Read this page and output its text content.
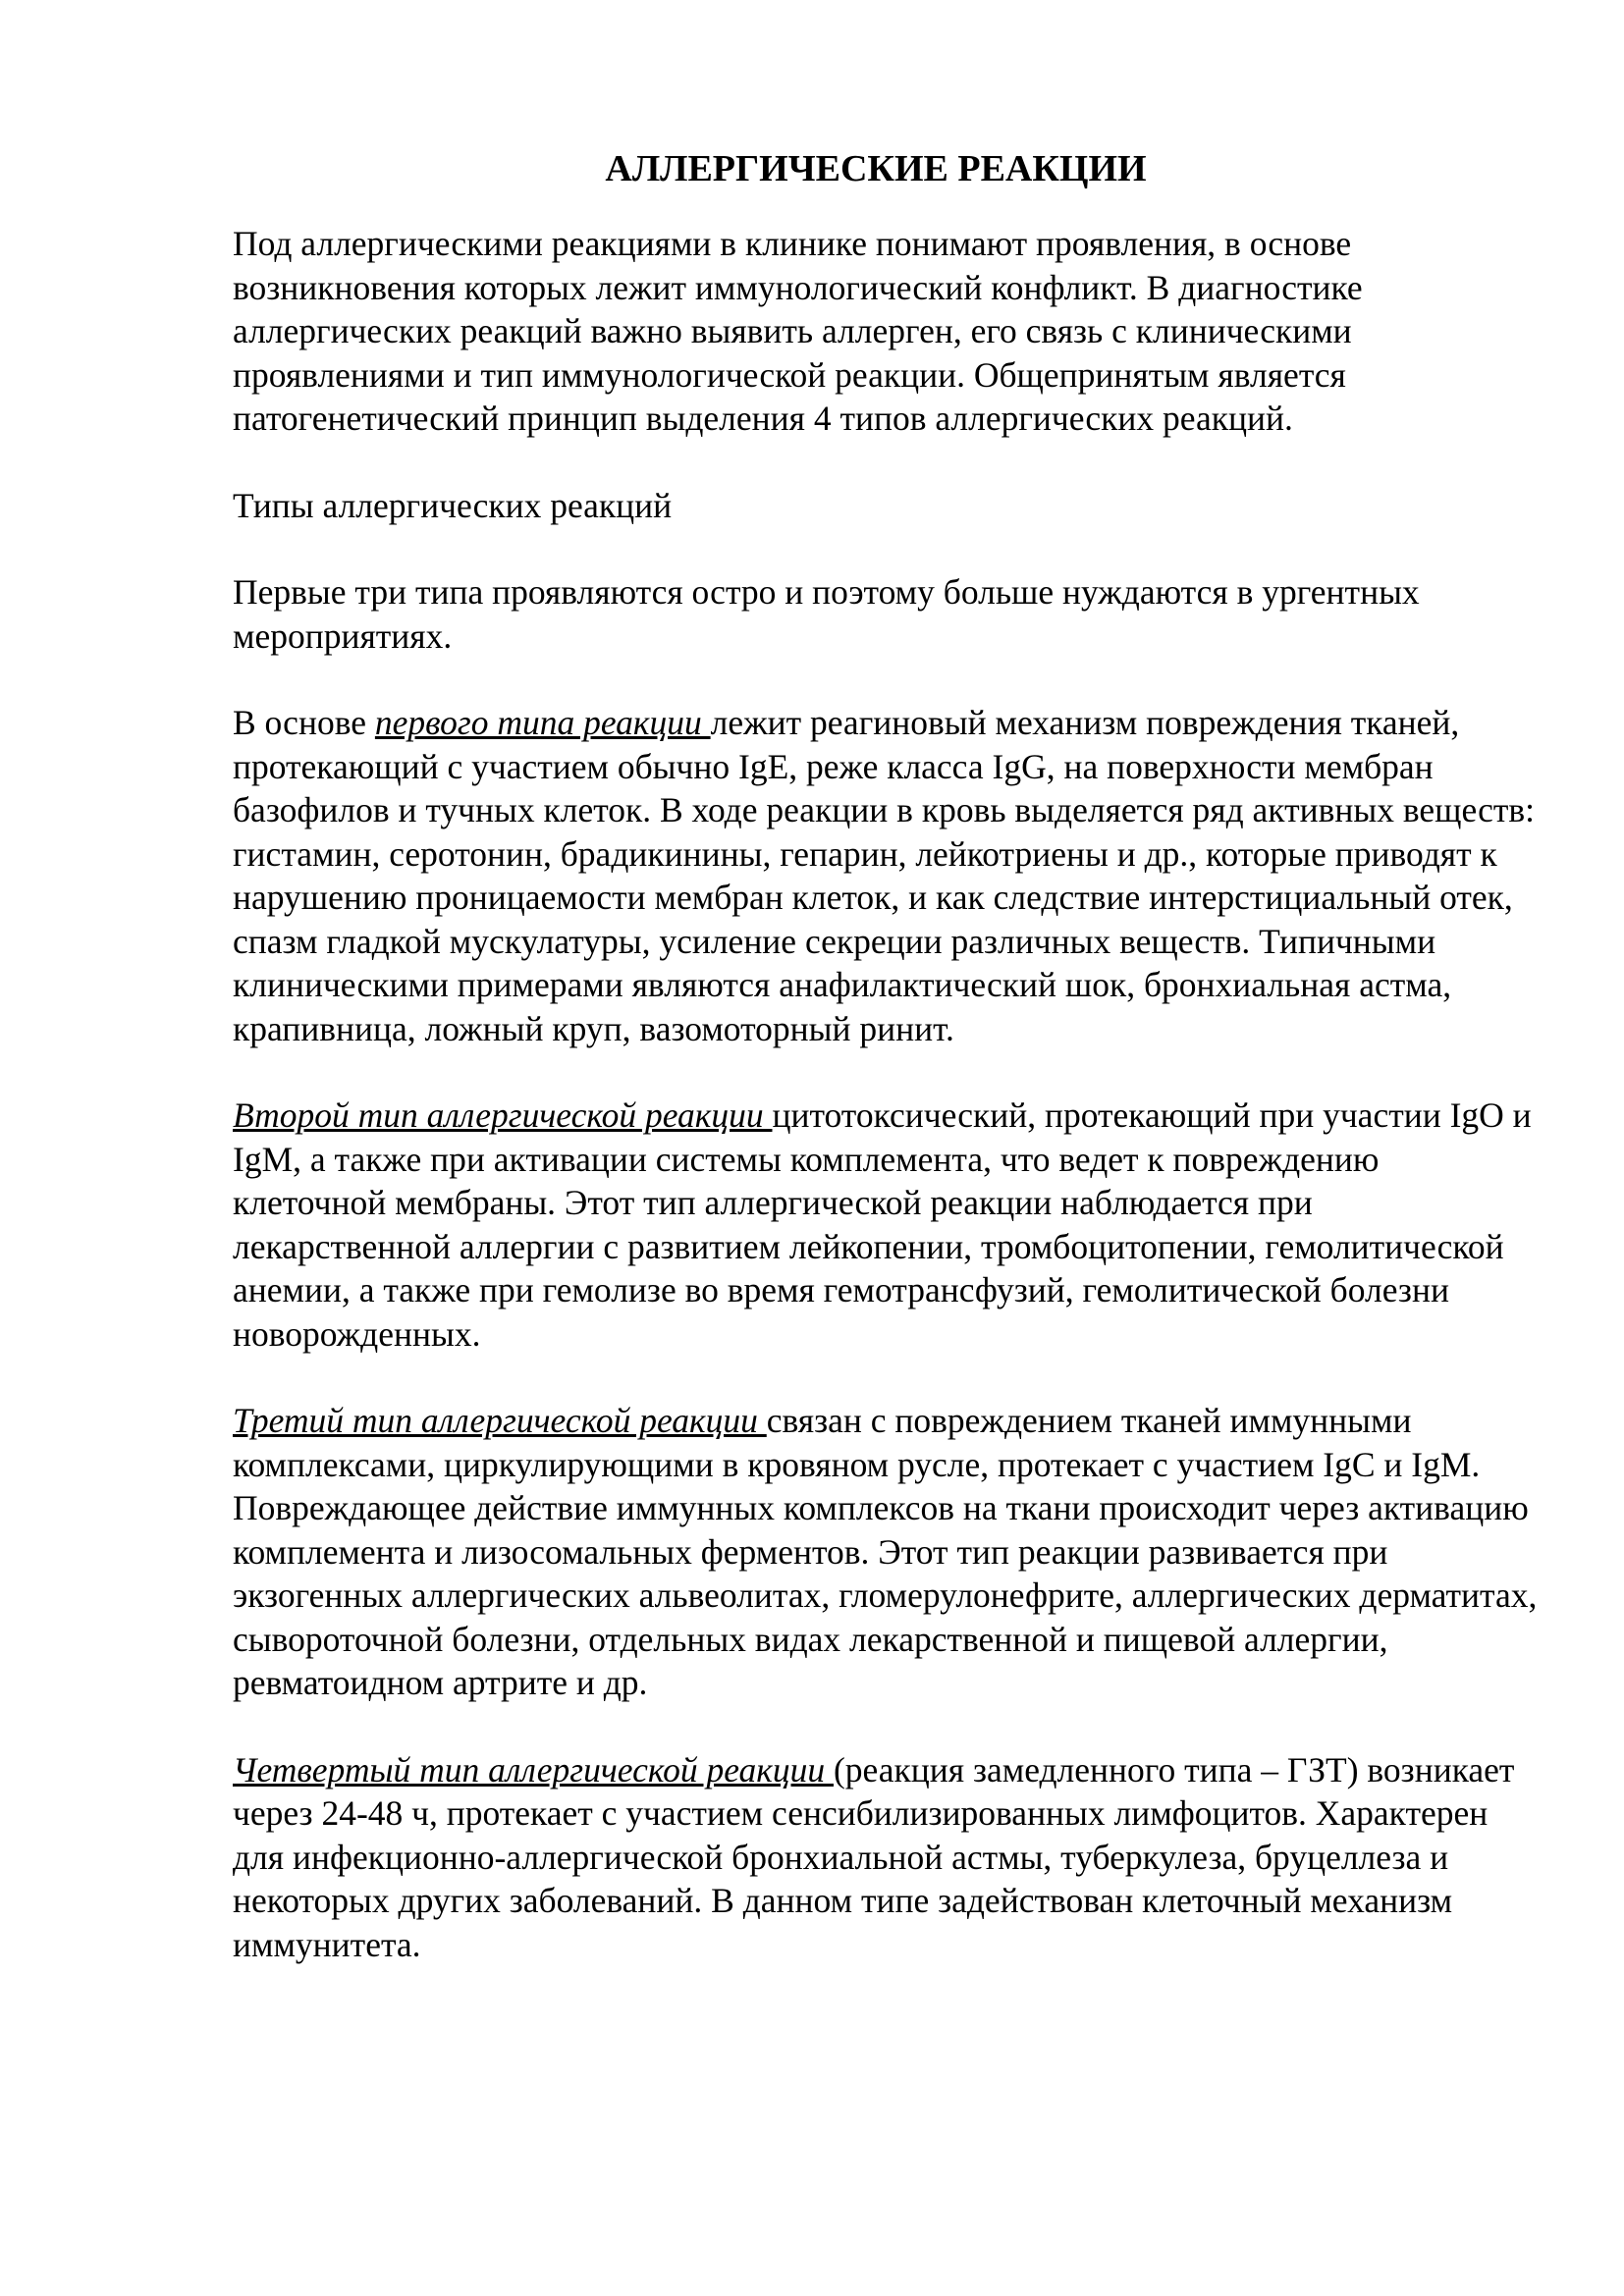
АЛЛЕРГИЧЕСКИЕ РЕАКЦИИ
Под аллергическими реакциями в клинике понимают проявления, в основе возникновения которых лежит иммунологический конфликт. В диагностике аллергических реакций важно выявить аллерген, его связь с клиническими проявлениями и тип иммунологической реакции. Общепринятым является патогенетический принцип выделения 4 типов аллергических реакций.
Типы аллергических реакций
Первые три типа проявляются остро и поэтому больше нуждаются в ургентных мероприятиях.
В основе первого типа реакции лежит реагиновый механизм повреждения тканей, протекающий с участием обычно IgE, реже класса IgG, на поверхности мембран базофилов и тучных клеток. В ходе реакции в кровь выделяется ряд активных веществ: гистамин, серотонин, брадикинины, гепарин, лейкотриены и др., которые приводят к нарушению проницаемости мембран клеток, и как следствие интерстициальный отек, спазм гладкой мускулатуры, усиление секреции различных веществ. Типичными клиническими примерами являются анафилактический шок, бронхиальная астма, крапивница, ложный круп, вазомоторный ринит.
Второй тип аллергической реакции цитотоксический, протекающий при участии IgO и IgM, а также при активации системы комплемента, что ведет к повреждению клеточной мембраны. Этот тип аллергической реакции наблюдается при лекарственной аллергии с развитием лейкопении, тромбоцитопении, гемолитической анемии, а также при гемолизе во время гемотрансфузий, гемолитической болезни новорожденных.
Третий тип аллергической реакции связан с повреждением тканей иммунными комплексами, циркулирующими в кровяном русле, протекает с участием IgC и IgM. Повреждающее действие иммунных комплексов на ткани происходит через активацию комплемента и лизосомальных ферментов. Этот тип реакции развивается при экзогенных аллергических альвеолитах, гломерулонефрите, аллергических дерматитах, сывороточной болезни, отдельных видах лекарственной и пищевой аллергии, ревматоидном артрите и др.
Четвертый тип аллергической реакции (реакция замедленного типа – ГЗТ) возникает через 24-48 ч, протекает с участием сенсибилизированных лимфоцитов. Характерен для инфекционно-аллергической бронхиальной астмы, туберкулеза, бруцеллеза и некоторых других заболеваний. В данном типе задействован клеточный механизм иммунитета.
